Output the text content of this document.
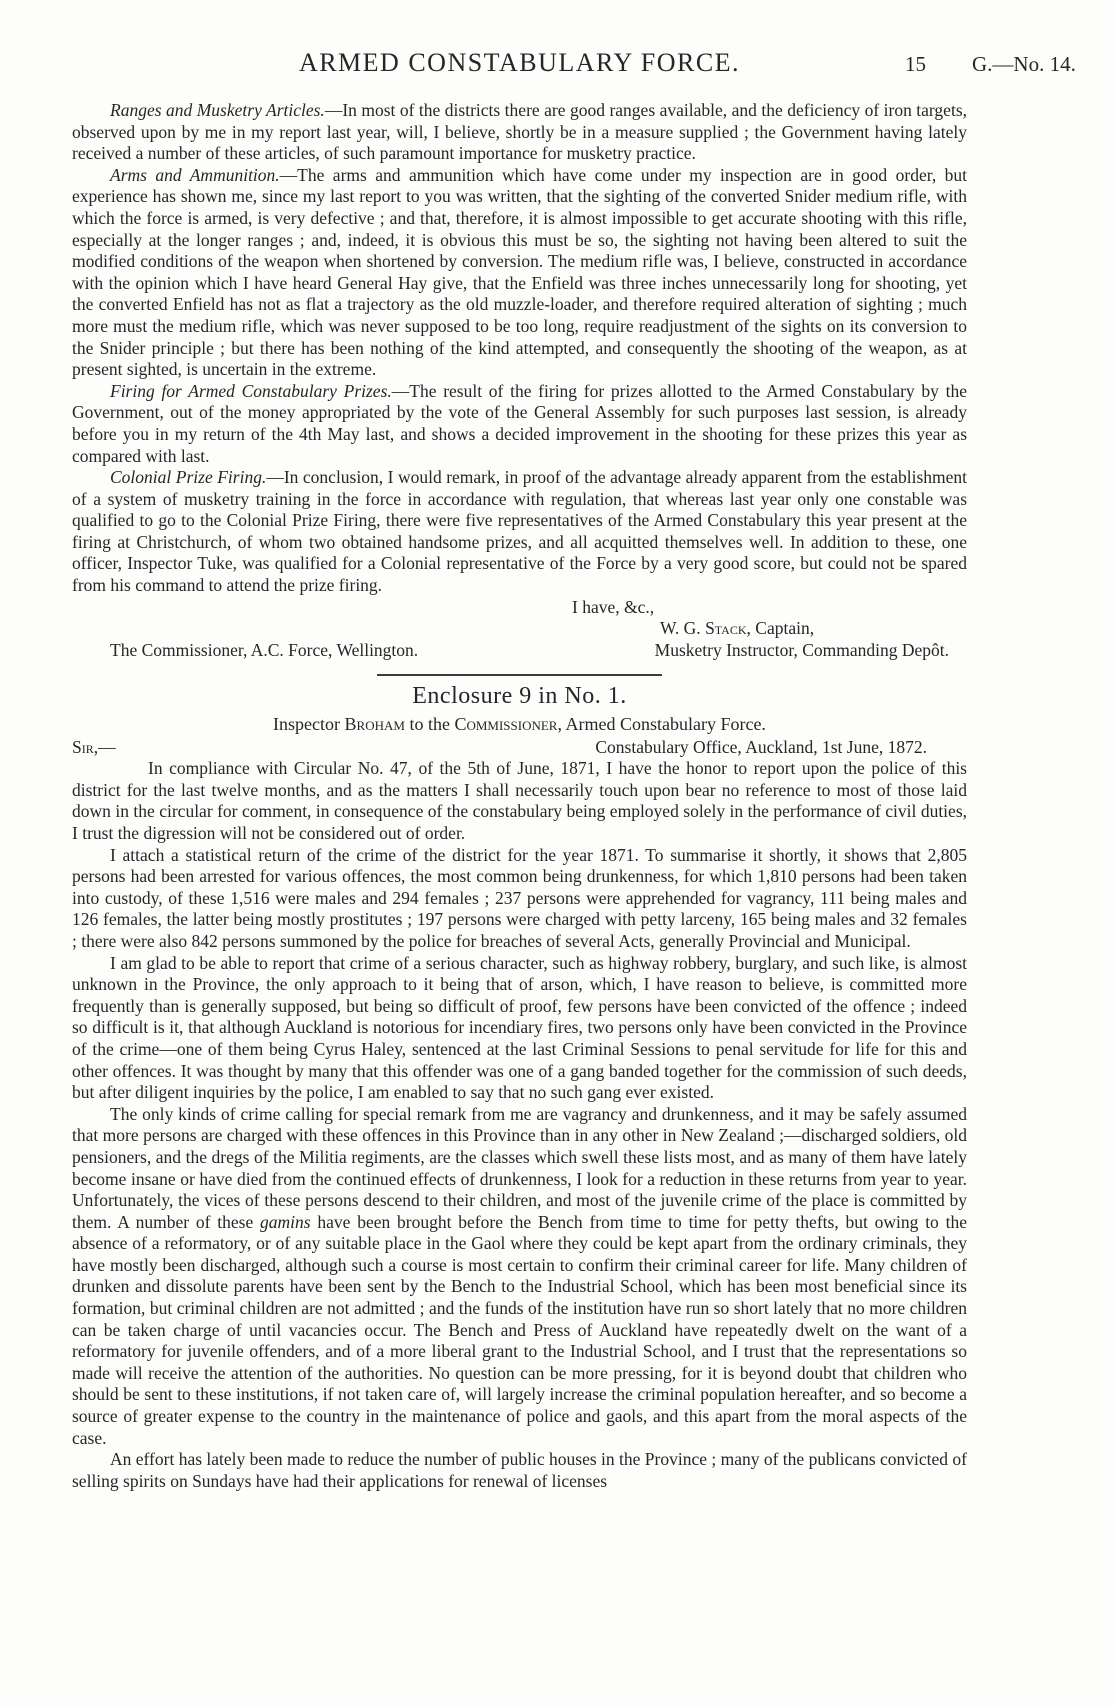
ARMED CONSTABULARY FORCE.	15 G.—No. 14.

Ranges and Musketry Articles.—In most of the districts there are good ranges available, and the deficiency of iron targets, observed upon by me in my report last year, will, I believe, shortly be in a measure supplied ; the Government having lately received a number of these articles, of such paramount importance for musketry practice.

Arms and Ammunition.—The arms and ammunition which have come under my inspection are in good order, but experience has shown me, since my last report to you was written, that the sighting of the converted Snider medium rifle, with which the force is armed, is very defective ; and that, therefore, it is almost impossible to get accurate shooting with this rifle, especially at the longer ranges ; and, indeed, it is obvious this must be so, the sighting not having been altered to suit the modified conditions of the weapon when shortened by conversion. The medium rifle was, I believe, constructed in accordance with the opinion which I have heard General Hay give, that the Enfield was three inches unnecessarily long for shooting, yet the converted Enfield has not as flat a trajectory as the old muzzle-loader, and therefore required alteration of sighting ; much more must the medium rifle, which was never supposed to be too long, require readjustment of the sights on its conversion to the Snider principle ; but there has been nothing of the kind attempted, and consequently the shooting of the weapon, as at present sighted, is uncertain in the extreme.

Firing for Armed Constabulary Prizes.—The result of the firing for prizes allotted to the Armed Constabulary by the Government, out of the money appropriated by the vote of the General Assembly for such purposes last session, is already before you in my return of the 4th May last, and shows a decided improvement in the shooting for these prizes this year as compared with last.

Colonial Prize Firing.—In conclusion, I would remark, in proof of the advantage already apparent from the establishment of a system of musketry training in the force in accordance with regulation, that whereas last year only one constable was qualified to go to the Colonial Prize Firing, there were five representatives of the Armed Constabulary this year present at the firing at Christchurch, of whom two obtained handsome prizes, and all acquitted themselves well. In addition to these, one officer, Inspector Tuke, was qualified for a Colonial representative of the Force by a very good score, but could not be spared from his command to attend the prize firing.

I have, &c.,
W. G. Stack, Captain,
The Commissioner, A.C. Force, Wellington.	Musketry Instructor, Commanding Depôt.
Enclosure 9 in No. 1.
Inspector Broham to the Commissioner, Armed Constabulary Force.
Sir,—	Constabulary Office, Auckland, 1st June, 1872.

In compliance with Circular No. 47, of the 5th of June, 1871, I have the honor to report upon the police of this district for the last twelve months, and as the matters I shall necessarily touch upon bear no reference to most of those laid down in the circular for comment, in consequence of the constabulary being employed solely in the performance of civil duties, I trust the digression will not be considered out of order.

I attach a statistical return of the crime of the district for the year 1871. To summarise it shortly, it shows that 2,805 persons had been arrested for various offences, the most common being drunkenness, for which 1,810 persons had been taken into custody, of these 1,516 were males and 294 females ; 237 persons were apprehended for vagrancy, 111 being males and 126 females, the latter being mostly prostitutes ; 197 persons were charged with petty larceny, 165 being males and 32 females ; there were also 842 persons summoned by the police for breaches of several Acts, generally Provincial and Municipal.

I am glad to be able to report that crime of a serious character, such as highway robbery, burglary, and such like, is almost unknown in the Province, the only approach to it being that of arson, which, I have reason to believe, is committed more frequently than is generally supposed, but being so difficult of proof, few persons have been convicted of the offence ; indeed so difficult is it, that although Auckland is notorious for incendiary fires, two persons only have been convicted in the Province of the crime—one of them being Cyrus Haley, sentenced at the last Criminal Sessions to penal servitude for life for this and other offences. It was thought by many that this offender was one of a gang banded together for the commission of such deeds, but after diligent inquiries by the police, I am enabled to say that no such gang ever existed.

The only kinds of crime calling for special remark from me are vagrancy and drunkenness, and it may be safely assumed that more persons are charged with these offences in this Province than in any other in New Zealand ;—discharged soldiers, old pensioners, and the dregs of the Militia regiments, are the classes which swell these lists most, and as many of them have lately become insane or have died from the continued effects of drunkenness, I look for a reduction in these returns from year to year. Unfortunately, the vices of these persons descend to their children, and most of the juvenile crime of the place is committed by them. A number of these gamins have been brought before the Bench from time to time for petty thefts, but owing to the absence of a reformatory, or of any suitable place in the Gaol where they could be kept apart from the ordinary criminals, they have mostly been discharged, although such a course is most certain to confirm their criminal career for life. Many children of drunken and dissolute parents have been sent by the Bench to the Industrial School, which has been most beneficial since its formation, but criminal children are not admitted ; and the funds of the institution have run so short lately that no more children can be taken charge of until vacancies occur. The Bench and Press of Auckland have repeatedly dwelt on the want of a reformatory for juvenile offenders, and of a more liberal grant to the Industrial School, and I trust that the representations so made will receive the attention of the authorities. No question can be more pressing, for it is beyond doubt that children who should be sent to these institutions, if not taken care of, will largely increase the criminal population hereafter, and so become a source of greater expense to the country in the maintenance of police and gaols, and this apart from the moral aspects of the case.

An effort has lately been made to reduce the number of public houses in the Province ; many of the publicans convicted of selling spirits on Sundays have had their applications for renewal of licenses
